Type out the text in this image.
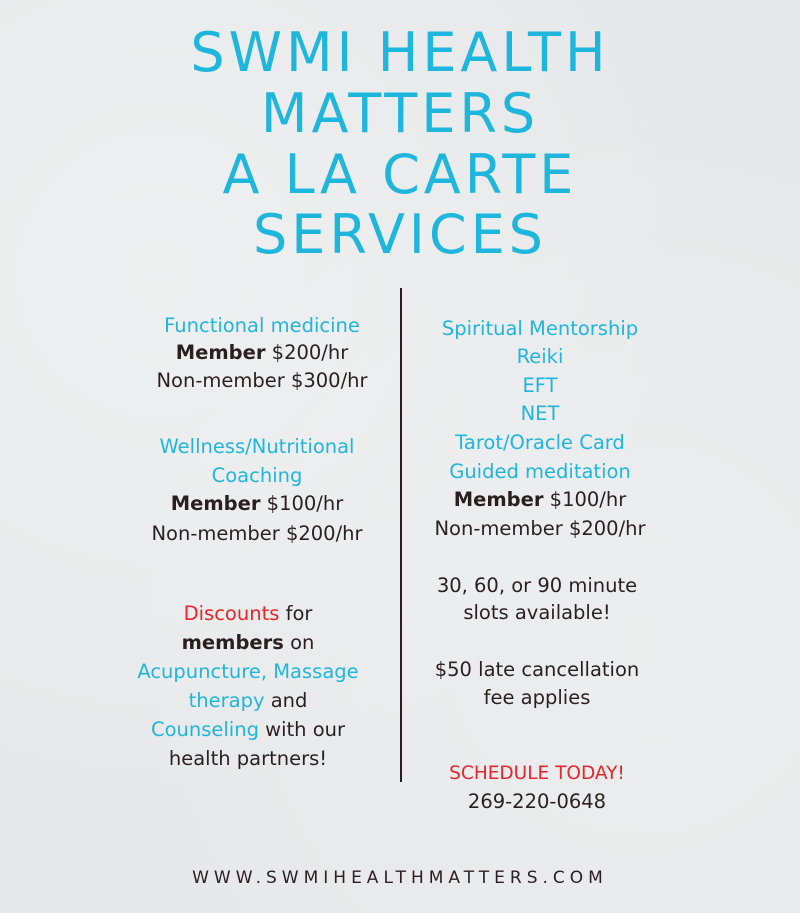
SWMI HEALTH
MATTERS
A LA CARTE
SERVICES
Functional medicine
Member $200/hr
Non-member $300/hr
Wellness/Nutritional
Coaching
Member $100/hr
Non-member $200/hr
Discounts for
members on
Acupuncture, Massage
therapy and
Counseling with our
health partners!
Spiritual Mentorship
Reiki
EFT
NET
Tarot/Oracle Card
Guided meditation
Member $100/hr
Non-member $200/hr
30, 60, or 90 minute
slots available!
$50 late cancellation
fee applies
SCHEDULE TODAY!
269-220-0648
WWW.SWMIHEALTHMATTERS.COM
